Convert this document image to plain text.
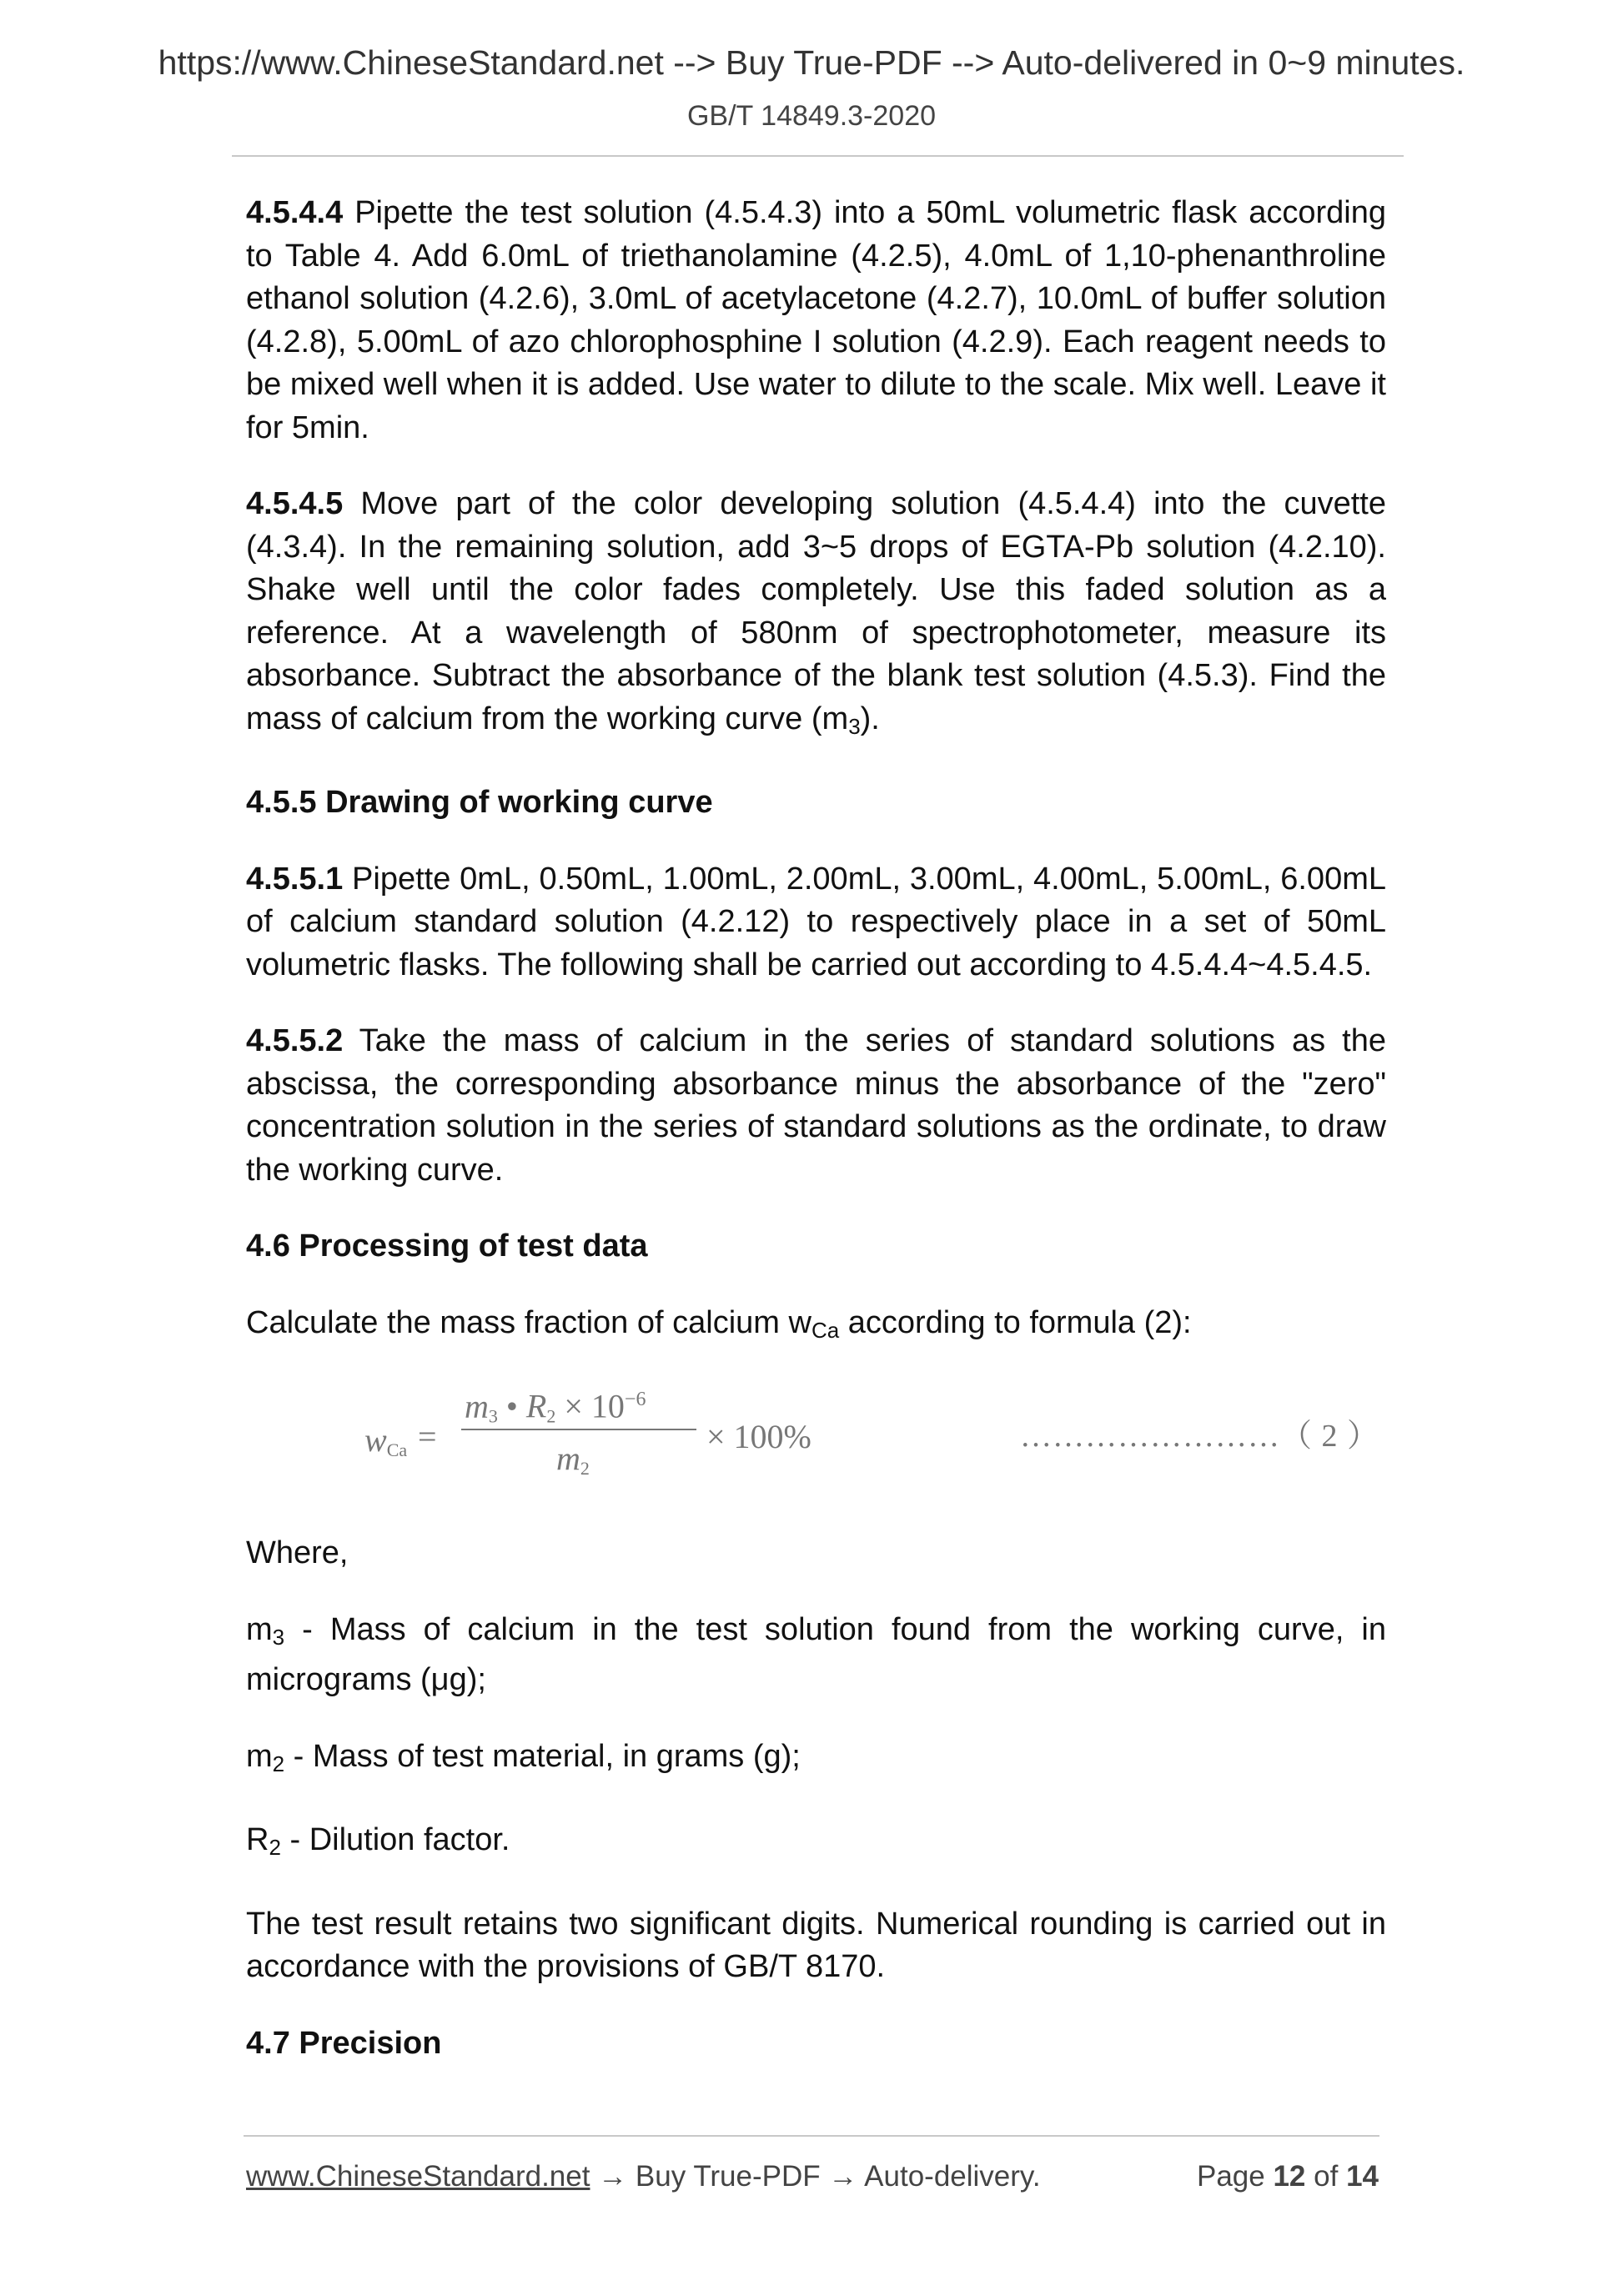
https://www.ChineseStandard.net --> Buy True-PDF --> Auto-delivered in 0~9 minutes.
GB/T 14849.3-2020

4.5.4.4 Pipette the test solution (4.5.4.3) into a 50mL volumetric flask according to Table 4. Add 6.0mL of triethanolamine (4.2.5), 4.0mL of 1,10-phenanthroline ethanol solution (4.2.6), 3.0mL of acetylacetone (4.2.7), 10.0mL of buffer solution (4.2.8), 5.00mL of azo chlorophosphine I solution (4.2.9). Each reagent needs to be mixed well when it is added. Use water to dilute to the scale. Mix well. Leave it for 5min.

4.5.4.5 Move part of the color developing solution (4.5.4.4) into the cuvette (4.3.4). In the remaining solution, add 3~5 drops of EGTA-Pb solution (4.2.10). Shake well until the color fades completely. Use this faded solution as a reference. At a wavelength of 580nm of spectrophotometer, measure its absorbance. Subtract the absorbance of the blank test solution (4.5.3). Find the mass of calcium from the working curve $(m_3)$.

4.5.5 Drawing of working curve

4.5.5.1 Pipette 0mL, 0.50mL, 1.00mL, 2.00mL, 3.00mL, 4.00mL, 5.00mL, 6.00mL of calcium standard solution (4.2.12) to respectively place in a set of 50mL volumetric flasks. The following shall be carried out according to 4.5.4.4~4.5.4.5.

4.5.5.2 Take the mass of calcium in the series of standard solutions as the abscissa, the corresponding absorbance minus the absorbance of the "zero" concentration solution in the series of standard solutions as the ordinate, to draw the working curve.

4.6 Processing of test data

Calculate the mass fraction of calcium $w_{Ca}$ according to formula (2):

wCa =
m3 • $R2 \times 10^{-6}$
m2
× 100%	……………………（ 2 ）

Where,

$m_3$ - Mass of calcium in the test solution found from the working curve, in micrograms (μg);

$m_2$ - Mass of test material, in grams (g);

$R_2$ - Dilution factor.

The test result retains two significant digits. Numerical rounding is carried out in accordance with the provisions of GB/T 8170.

4.7 Precision

www.ChineseStandard.net → Buy True-PDF → Auto-delivery.	Page 12 of 14
